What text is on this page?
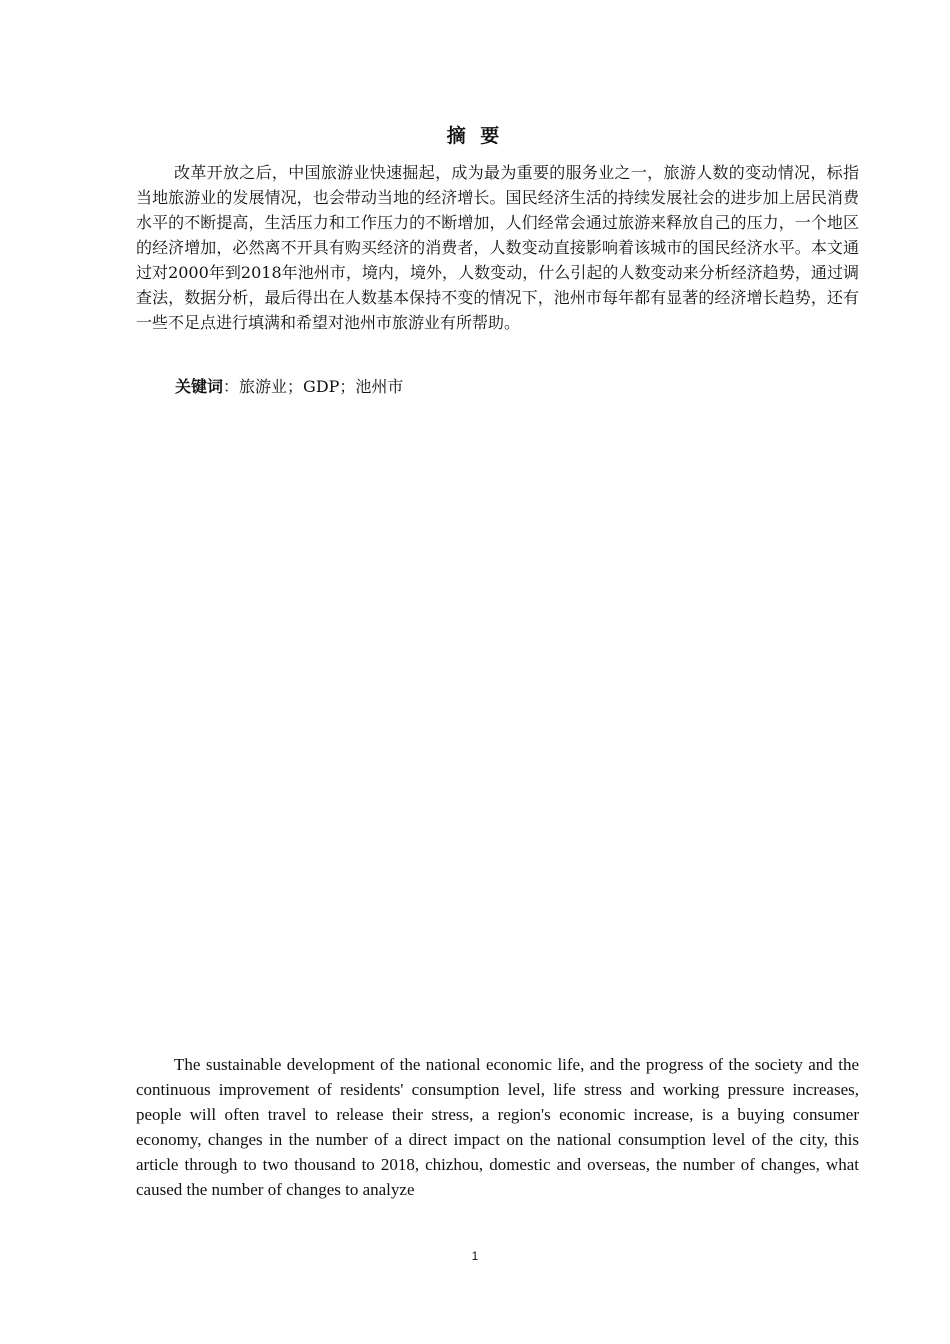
摘 要

改革开放之后，中国旅游业快速掘起，成为最为重要的服务业之一，旅游人数的变动情况，标指当地旅游业的发展情况，也会带动当地的经济增长。国民经济生活的持续发展社会的进步加上居民消费水平的不断提高，生活压力和工作压力的不断增加，人们经常会通过旅游来释放自己的压力，一个地区的经济增加，必然离不开具有购买经济的消费者，人数变动直接影响着该城市的国民经济水平。本文通过对2000年到2018年池州市，境内，境外，人数变动，什么引起的人数变动来分析经济趋势，通过调查法，数据分析，最后得出在人数基本保持不变的情况下，池州市每年都有显著的经济增长趋势，还有一些不足点进行填满和希望对池州市旅游业有所帮助。

关键词：旅游业；GDP；池州市

The sustainable development of the national economic life, and the progress of the society and the continuous improvement of residents' consumption level, life stress and working pressure increases, people will often travel to release their stress, a region's economic increase, is a buying consumer economy, changes in the number of a direct impact on the national consumption level of the city, this article through to two thousand to 2018, chizhou, domestic and overseas, the number of changes, what caused the number of changes to analyze

1
